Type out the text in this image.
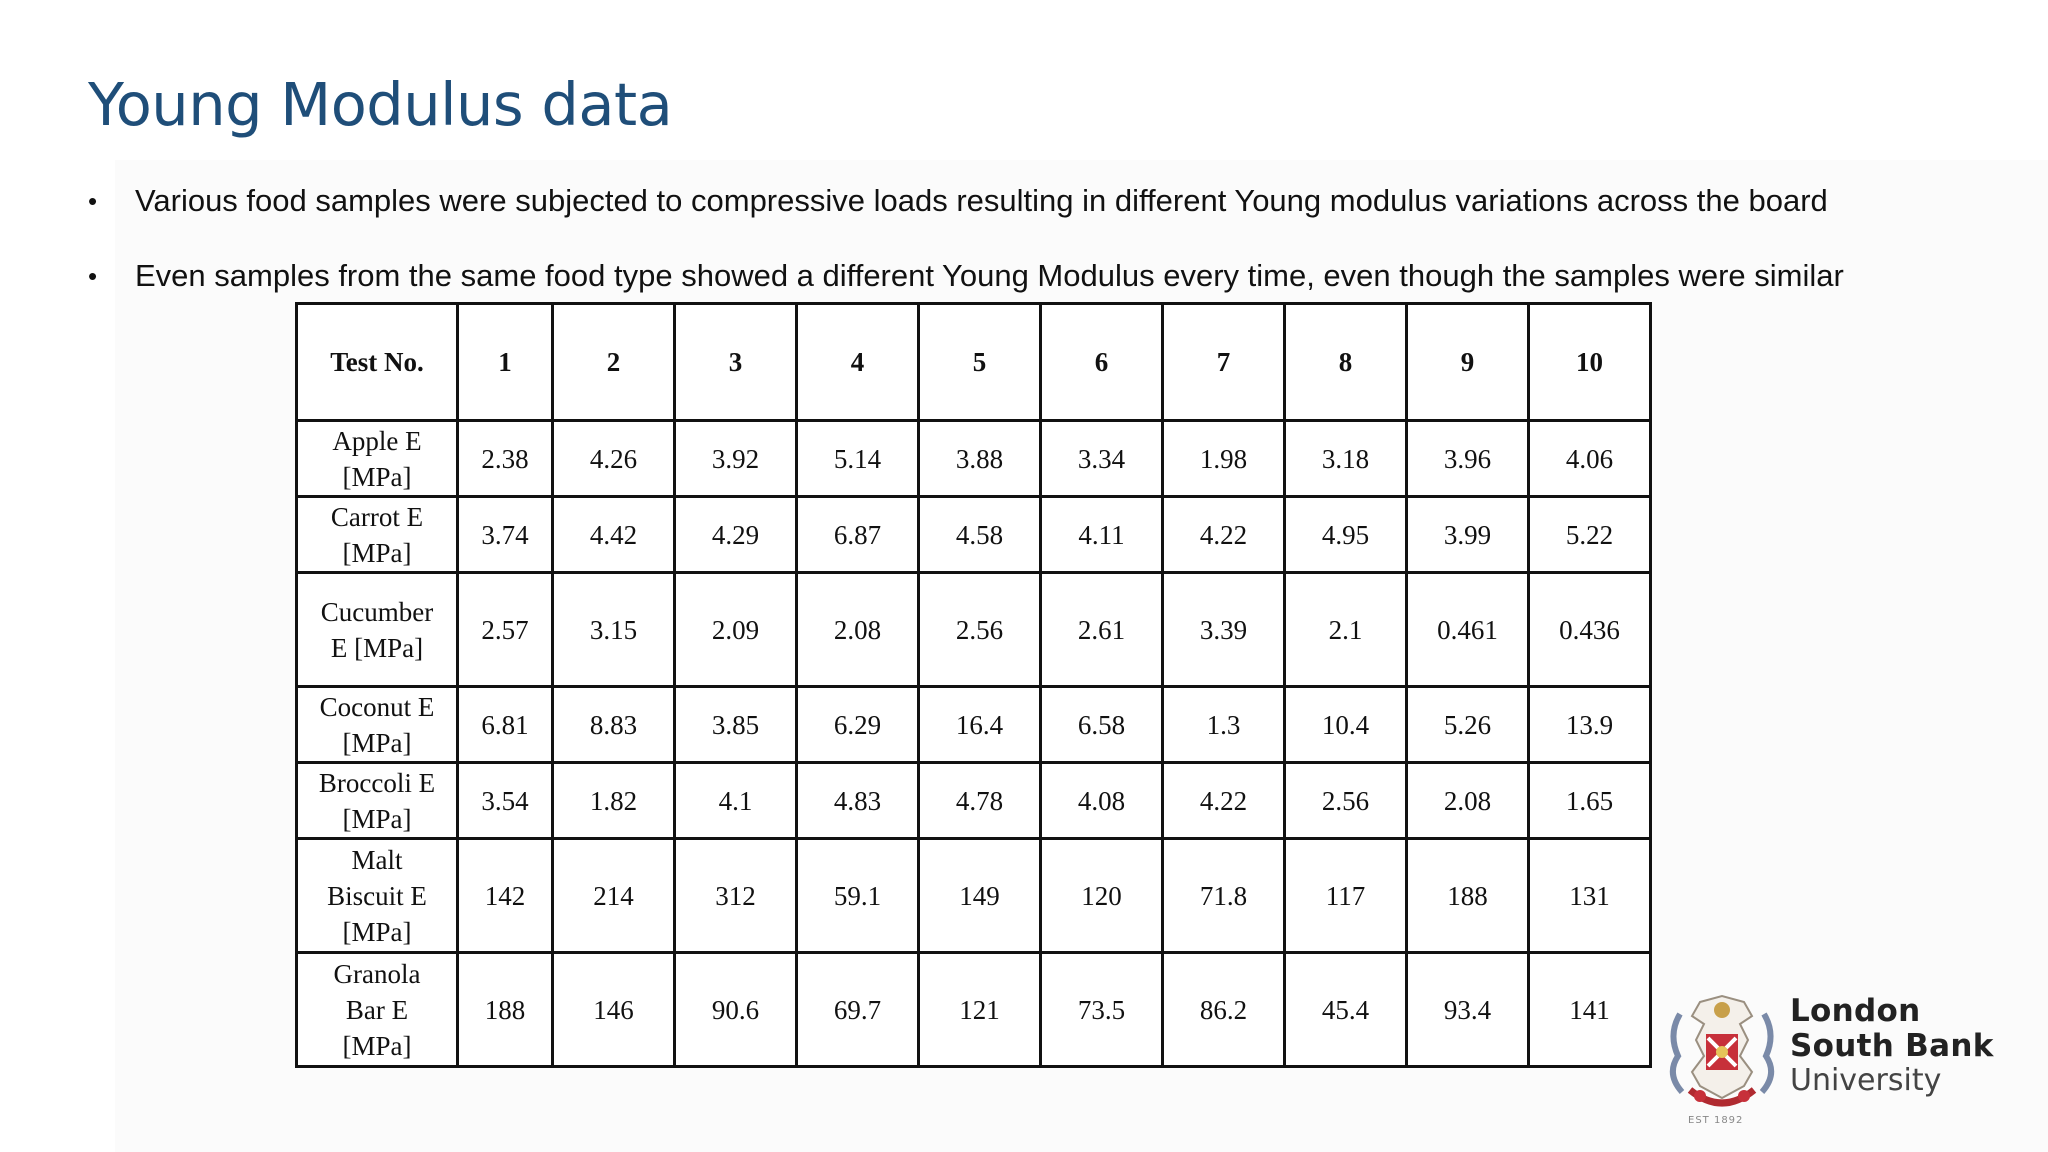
Young Modulus data
•	Various food samples were subjected to compressive loads resulting in different Young modulus variations across the board
•	Even samples from the same food type showed a different Young Modulus every time, even though the samples were similar
Test No.	1	2	3	4	5	6	7	8	9	10
Apple E
[MPa]	2.38	4.26	3.92	5.14	3.88	3.34	1.98	3.18	3.96	4.06
Carrot E
[MPa]	3.74	4.42	4.29	6.87	4.58	4.11	4.22	4.95	3.99	5.22
Cucumber
E [MPa]	2.57	3.15	2.09	2.08	2.56	2.61	3.39	2.1	0.461	0.436
Coconut E
[MPa]	6.81	8.83	3.85	6.29	16.4	6.58	1.3	10.4	5.26	13.9
Broccoli E
[MPa]	3.54	1.82	4.1	4.83	4.78	4.08	4.22	2.56	2.08	1.65
Malt
Biscuit E
[MPa]	142	214	312	59.1	149	120	71.8	117	188	131
Granola
Bar E
[MPa]	188	146	90.6	69.7	121	73.5	86.2	45.4	93.4	141	London
South Bank
University
EST 1892
